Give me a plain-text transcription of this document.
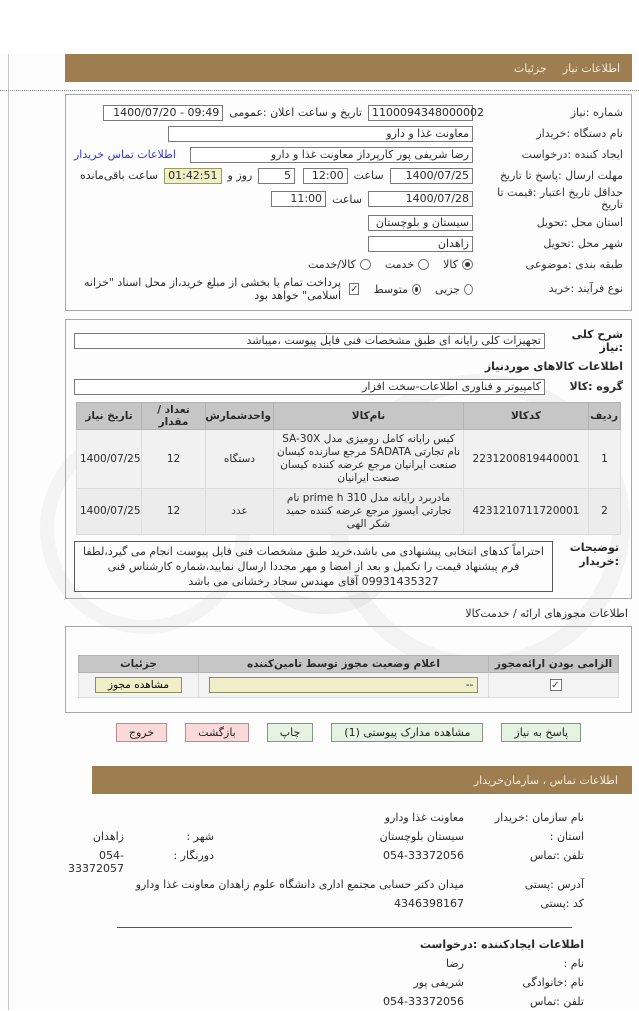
اطلاعات نیاز
جزئیات
شماره :نیاز
1100094348000002
تاریخ و ساعت اعلان :عمومی
1400/07/20 - 09:49
نام دستگاه :خریدار
معاونت غذا و دارو
ایجاد کننده :درخواست
رضا شریفی پور کارپرداز معاونت غذا و دارو
اطلاعات تماس خریدار
مهلت ارسال :پاسخ تا تاریخ
1400/07/25
ساعت
12:00
5
روز و
01:42:51
ساعت باقی‌مانده
حداقل تاریخ اعتبار :قیمت تا تاریخ
1400/07/28
ساعت
11:00
استان محل :تحویل
سیستان و بلوچستان
شهر محل :تحویل
زاهدان
طبقه بندی :موضوعی
کالا
خدمت
کالا/خدمت
نوع فرآیند :خرید
جزیی
متوسط
✓
پرداخت تمام یا بخشی از مبلغ خرید،از محل اسناد "خزانه اسلامی" خواهد بود
شرح کلی :نیاز
تجهیزات کلی رایانه ای طبق مشخصات فنی فایل پیوست ،میباشد
اطلاعات کالاهای موردنیاز
گروه :کالا
کامپیوتر و فناوری اطلاعات-سخت افزار
ردیف	کدکالا	نام‌کالا	واحدشمارش	تعداد / مقدار	تاریخ نیاز
1	2231200819440001	کیس رایانه کامل رومیزی مدل SA-30X نام تجارتی SADATA مرجع سازنده کیسان صنعت ایرانیان مرجع عرضه کننده کیسان صنعت ایرانیان	دستگاه	12	1400/07/25
2	4231210711720001	مادربرد رایانه مدل prime h 310 نام تجارتی ایسوز مرجع عرضه کننده حمید شکر الهی	عدد	12	1400/07/25
توضیحات :خریدار
احتراماً کدهای انتخابی پیشنهادی می باشد،خرید طبق مشخصات فنی فایل پیوست انجام می گیرد،لطفا فرم پیشنهاد قیمت را تکمیل و بعد از امضا و مهر مجددا ارسال نمایید،شماره کارشناس فنی 09931435327 آقای مهندس سجاد رخشانی می باشد
اطلاعات مجوزهای ارائه / خدمت‌کالا
الزامی بودن ارائه‌مجوز	اعلام وضعیت مجوز توسط تامین‌کننده	جزئیات
✓	--	مشاهده مجوز
پاسخ به نیاز
مشاهده مدارک پیوستی (1)
چاپ
بازگشت
خروج
اطلاعات تماس ، سازمان‌خریدار
نام سازمان :خریدار
معاونت غذا ودارو
استان :
سیستان بلوچستان
شهر :
زاهدان
تلفن :تماس
054-33372056
دورنگار :
054-33372057
آدرس :پستی
میدان دکتر حسابی مجتمع اداری دانشگاه علوم زاهدان معاونت غذا ودارو
کد :پستی
4346398167
اطلاعات ایجادکننده :درخواست
نام :
رضا
نام :خانوادگی
شریفی پور
تلفن :تماس
054-33372056
